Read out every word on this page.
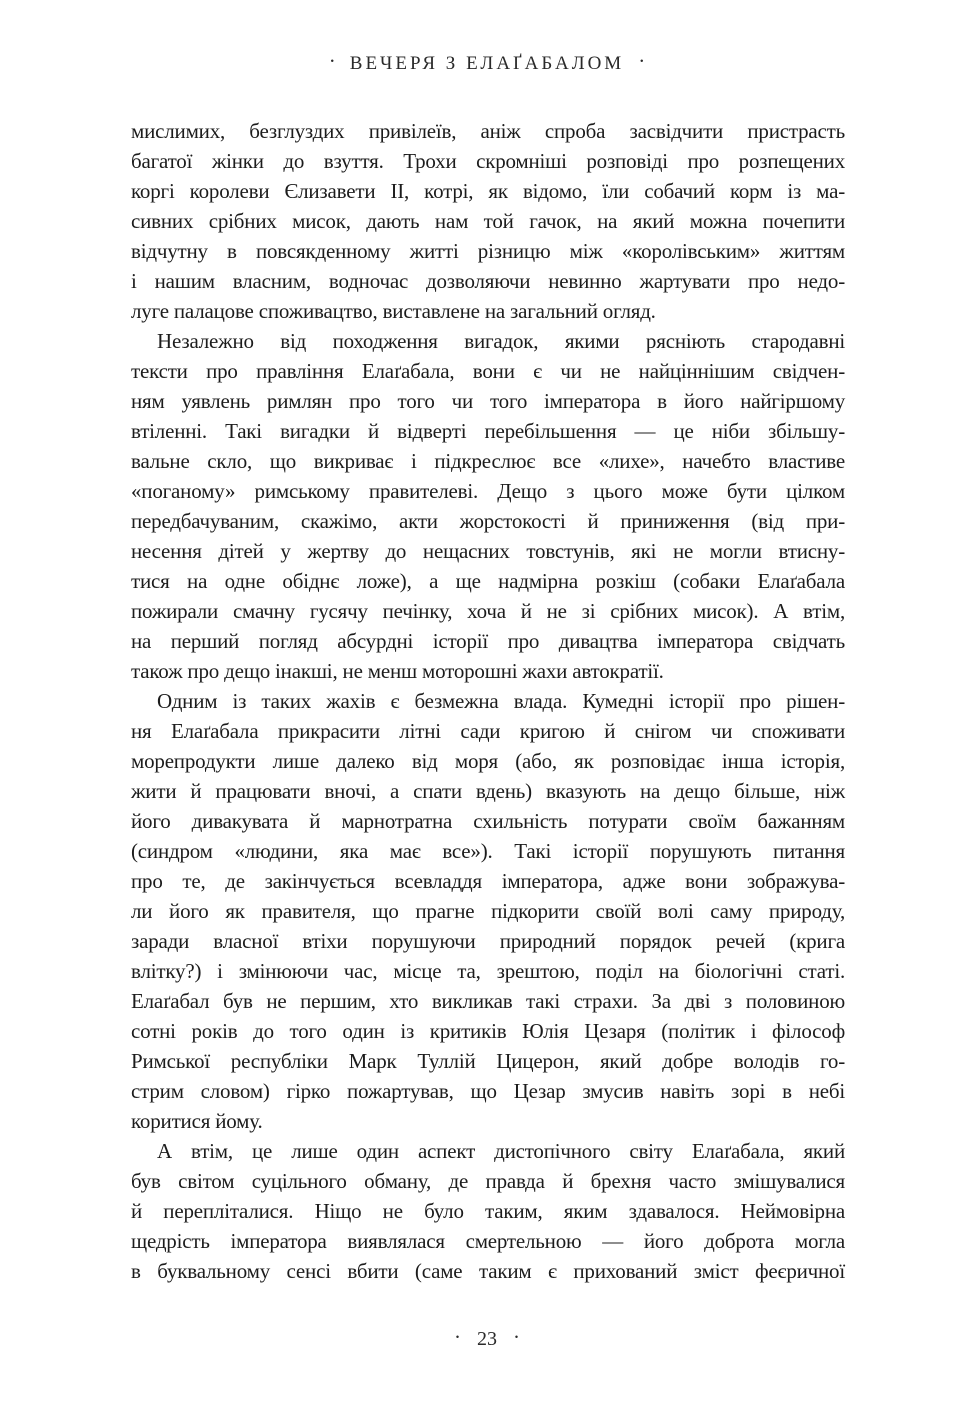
· ВЕЧЕРЯ З ЕЛАҐАБАЛОМ ·
мислимих, безглуздих привілеїв, аніж спроба засвідчити пристрасть
багатої жінки до взуття. Трохи скромніші розповіді про розпещених
коргі королеви Єлизавети II, котрі, як відомо, їли собачий корм із ма-
сивних срібних мисок, дають нам той гачок, на який можна почепити
відчутну в повсякденному житті різницю між «королівським» життям
і нашим власним, водночас дозволяючи невинно жартувати про недо-
луге палацове споживацтво, виставлене на загальний огляд.
Незалежно від походження вигадок, якими рясніють стародавні
тексти про правління Елаґабала, вони є чи не найціннішим свідчен-
ням уявлень римлян про того чи того імператора в його найгіршому
втіленні. Такі вигадки й відверті перебільшення — це ніби збільшу-
вальне скло, що викриває і підкреслює все «лихе», начебто властиве
«поганому» римському правителеві. Дещо з цього може бути цілком
передбачуваним, скажімо, акти жорстокості й приниження (від при-
несення дітей у жертву до нещасних товстунів, які не могли втисну-
тися на одне обіднє ложе), а ще надмірна розкіш (собаки Елаґабала
пожирали смачну гусячу печінку, хоча й не зі срібних мисок). А втім,
на перший погляд абсурдні історії про дивацтва імператора свідчать
також про дещо інакші, не менш моторошні жахи автократії.
Одним із таких жахів є безмежна влада. Кумедні історії про рішен-
ня Елаґабала прикрасити літні сади кригою й снігом чи споживати
морепродукти лише далеко від моря (або, як розповідає інша історія,
жити й працювати вночі, а спати вдень) вказують на дещо більше, ніж
його дивакувата й марнотратна схильність потурати своїм бажанням
(синдром «людини, яка має все»). Такі історії порушують питання
про те, де закінчується всевладдя імператора, адже вони зображува-
ли його як правителя, що прагне підкорити своїй волі саму природу,
заради власної втіхи порушуючи природний порядок речей (крига
влітку?) і змінюючи час, місце та, зрештою, поділ на біологічні статі.
Елаґабал був не першим, хто викликав такі страхи. За дві з половиною
сотні років до того один із критиків Юлія Цезаря (політик і філософ
Римської республіки Марк Туллій Цицерон, який добре володів го-
стрим словом) гірко пожартував, що Цезар змусив навіть зорі в небі
коритися йому.
А втім, це лише один аспект дистопічного світу Елаґабала, який
був світом суцільного обману, де правда й брехня часто змішувалися
й перепліталися. Ніщо не було таким, яким здавалося. Неймовірна
щедрість імператора виявлялася смертельною — його доброта могла
в буквальному сенсі вбити (саме таким є прихований зміст феєричної
· 23 ·
